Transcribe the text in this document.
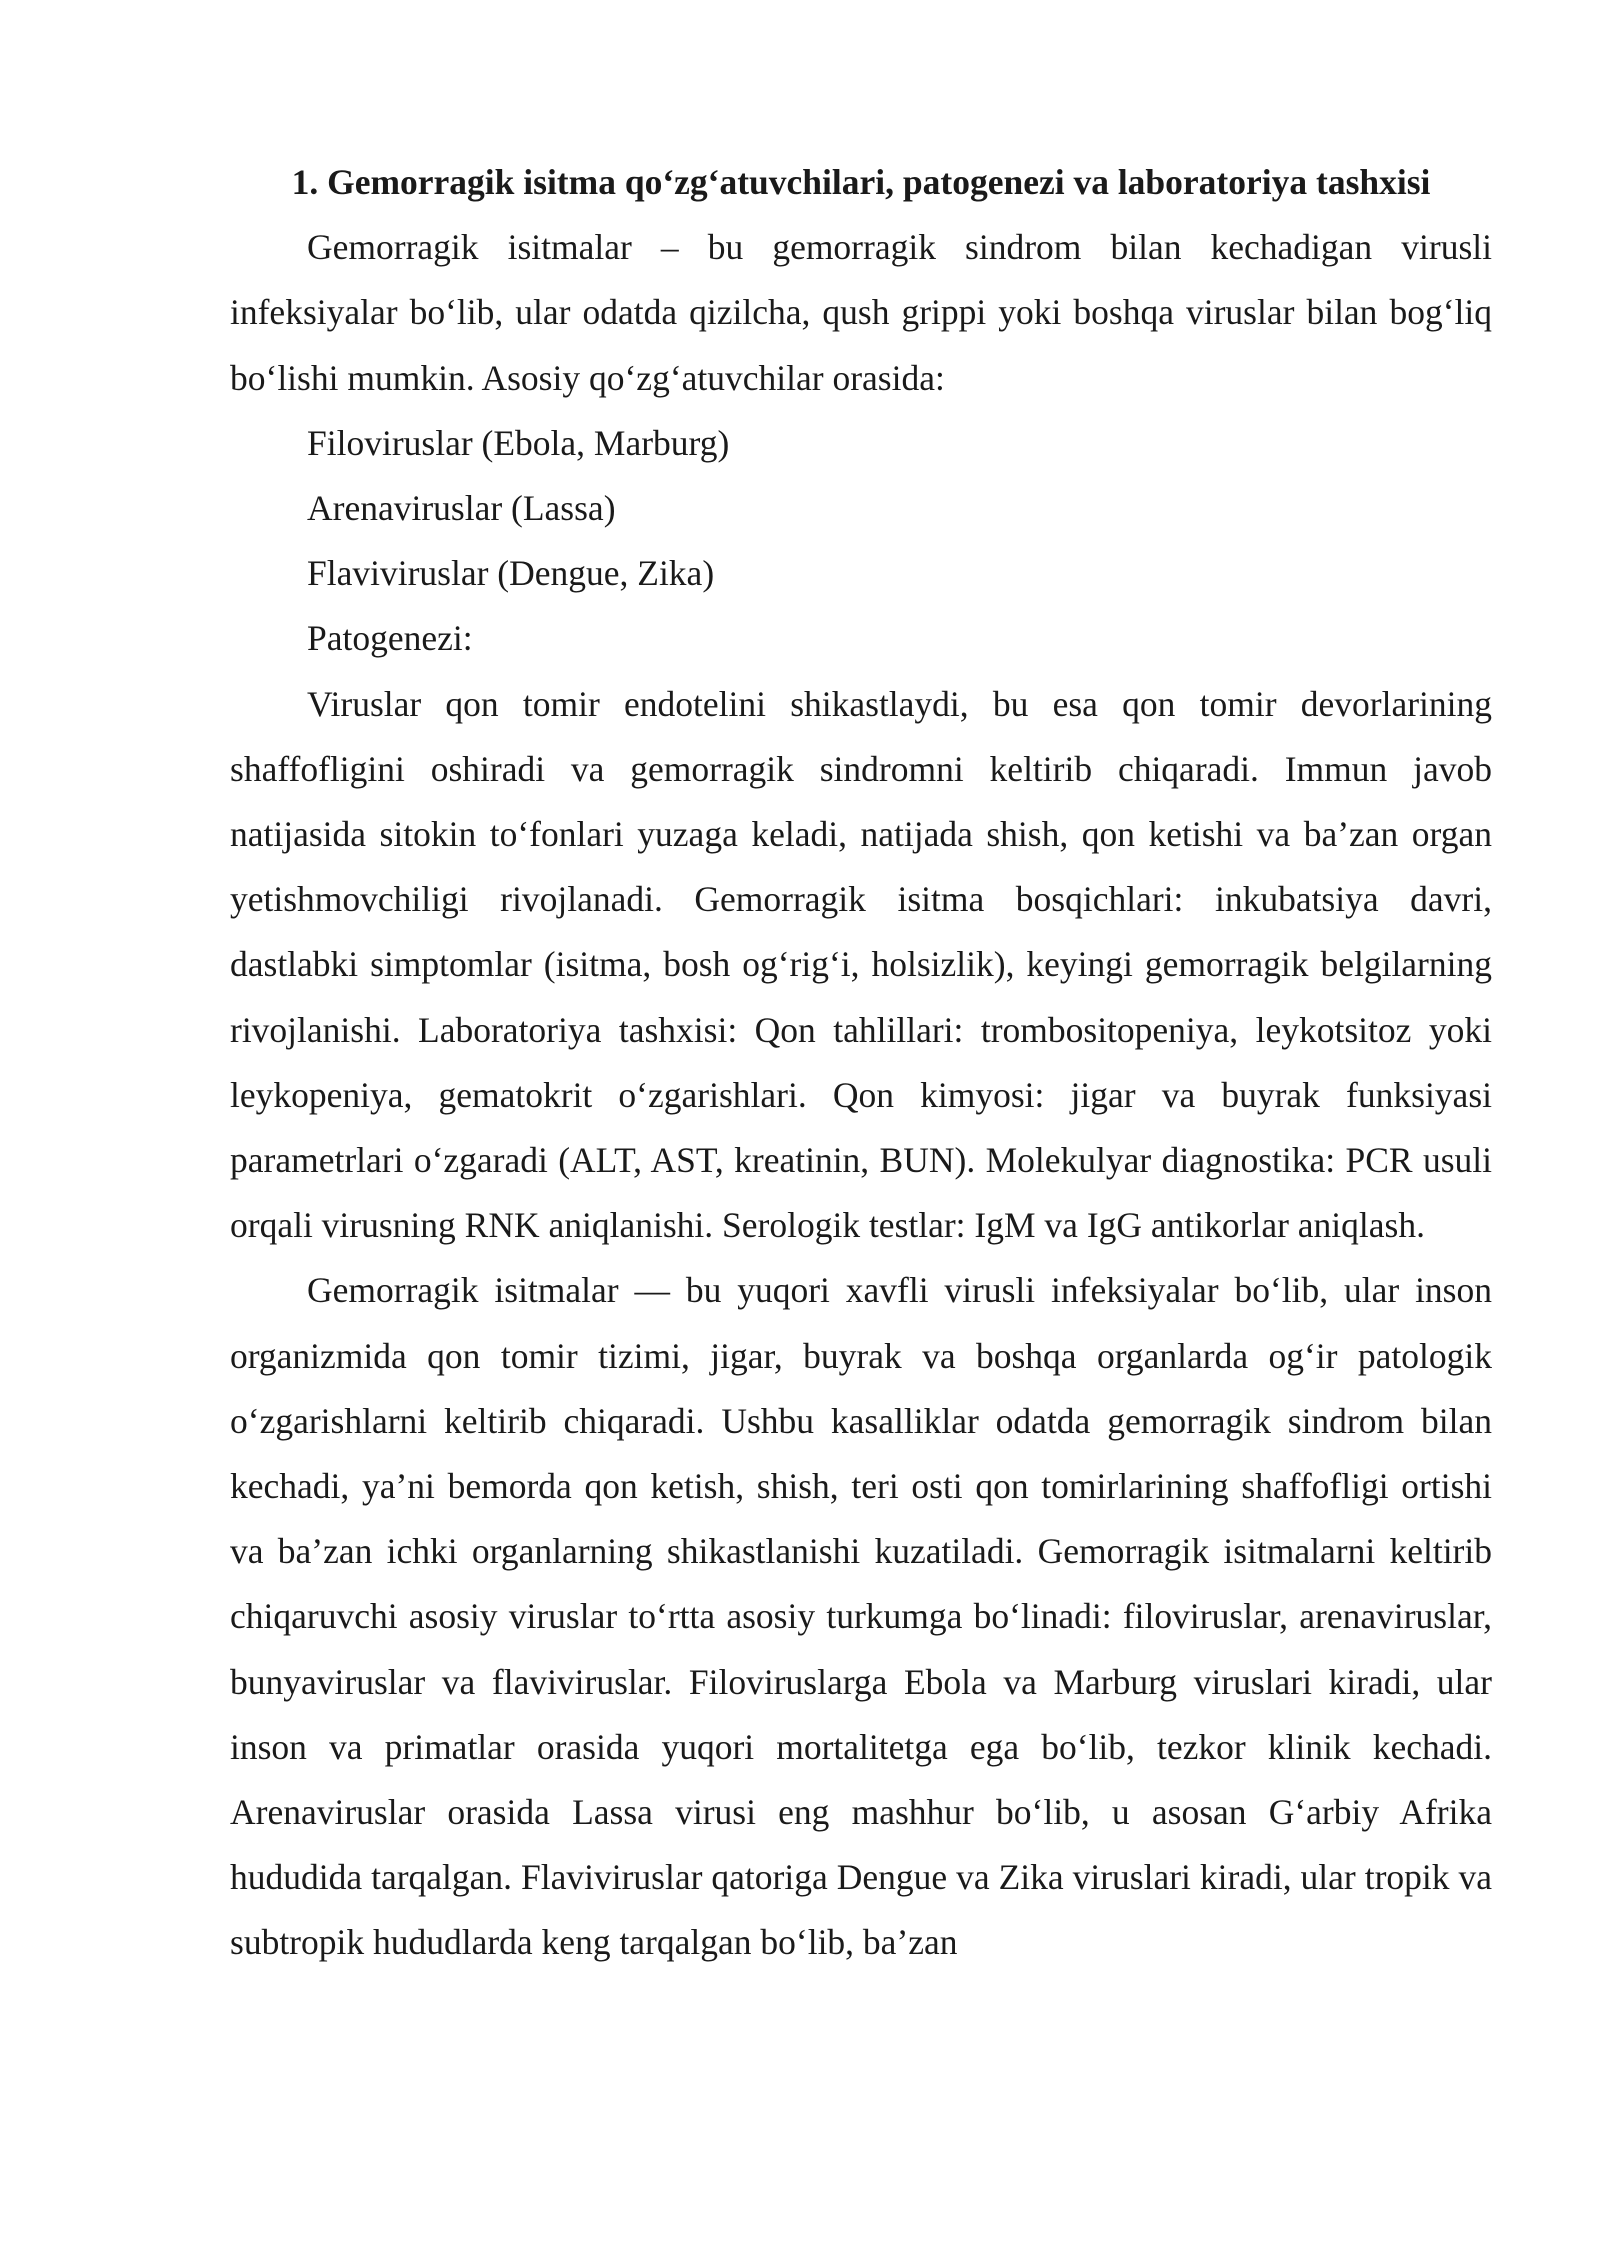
1. Gemorragik isitma qo‘zg‘atuvchilari, patogenezi va laboratoriya tashxisi

Gemorragik isitmalar – bu gemorragik sindrom bilan kechadigan virusli infeksiyalar bo‘lib, ular odatda qizilcha, qush grippi yoki boshqa viruslar bilan bog‘liq bo‘lishi mumkin. Asosiy qo‘zg‘atuvchilar orasida:

Filoviruslar (Ebola, Marburg)

Arenaviruslar (Lassa)

Flaviviruslar (Dengue, Zika)

Patogenezi:

Viruslar qon tomir endotelini shikastlaydi, bu esa qon tomir devorlarining shaffofligini oshiradi va gemorragik sindromni keltirib chiqaradi. Immun javob natijasida sitokin to‘fonlari yuzaga keladi, natijada shish, qon ketishi va ba’zan organ yetishmovchiligi rivojlanadi. Gemorragik isitma bosqichlari: inkubatsiya davri, dastlabki simptomlar (isitma, bosh og‘rig‘i, holsizlik), keyingi gemorragik belgilarning rivojlanishi. Laboratoriya tashxisi: Qon tahlillari: trombositopeniya, leykotsitoz yoki leykopeniya, gematokrit o‘zgarishlari. Qon kimyosi: jigar va buyrak funksiyasi parametrlari o‘zgaradi (ALT, AST, kreatinin, BUN). Molekulyar diagnostika: PCR usuli orqali virusning RNK aniqlanishi. Serologik testlar: IgM va IgG antikorlar aniqlash.

Gemorragik isitmalar — bu yuqori xavfli virusli infeksiyalar bo‘lib, ular inson organizmida qon tomir tizimi, jigar, buyrak va boshqa organlarda og‘ir patologik o‘zgarishlarni keltirib chiqaradi. Ushbu kasalliklar odatda gemorragik sindrom bilan kechadi, ya’ni bemorda qon ketish, shish, teri osti qon tomirlarining shaffofligi ortishi va ba’zan ichki organlarning shikastlanishi kuzatiladi. Gemorragik isitmalarni keltirib chiqaruvchi asosiy viruslar to‘rtta asosiy turkumga bo‘linadi: filoviruslar, arenaviruslar, bunyaviruslar va flaviviruslar. Filoviruslarga Ebola va Marburg viruslari kiradi, ular inson va primatlar orasida yuqori mortalitetga ega bo‘lib, tezkor klinik kechadi. Arenaviruslar orasida Lassa virusi eng mashhur bo‘lib, u asosan G‘arbiy Afrika hududida tarqalgan. Flaviviruslar qatoriga Dengue va Zika viruslari kiradi, ular tropik va subtropik hududlarda keng tarqalgan bo‘lib, ba’zan
